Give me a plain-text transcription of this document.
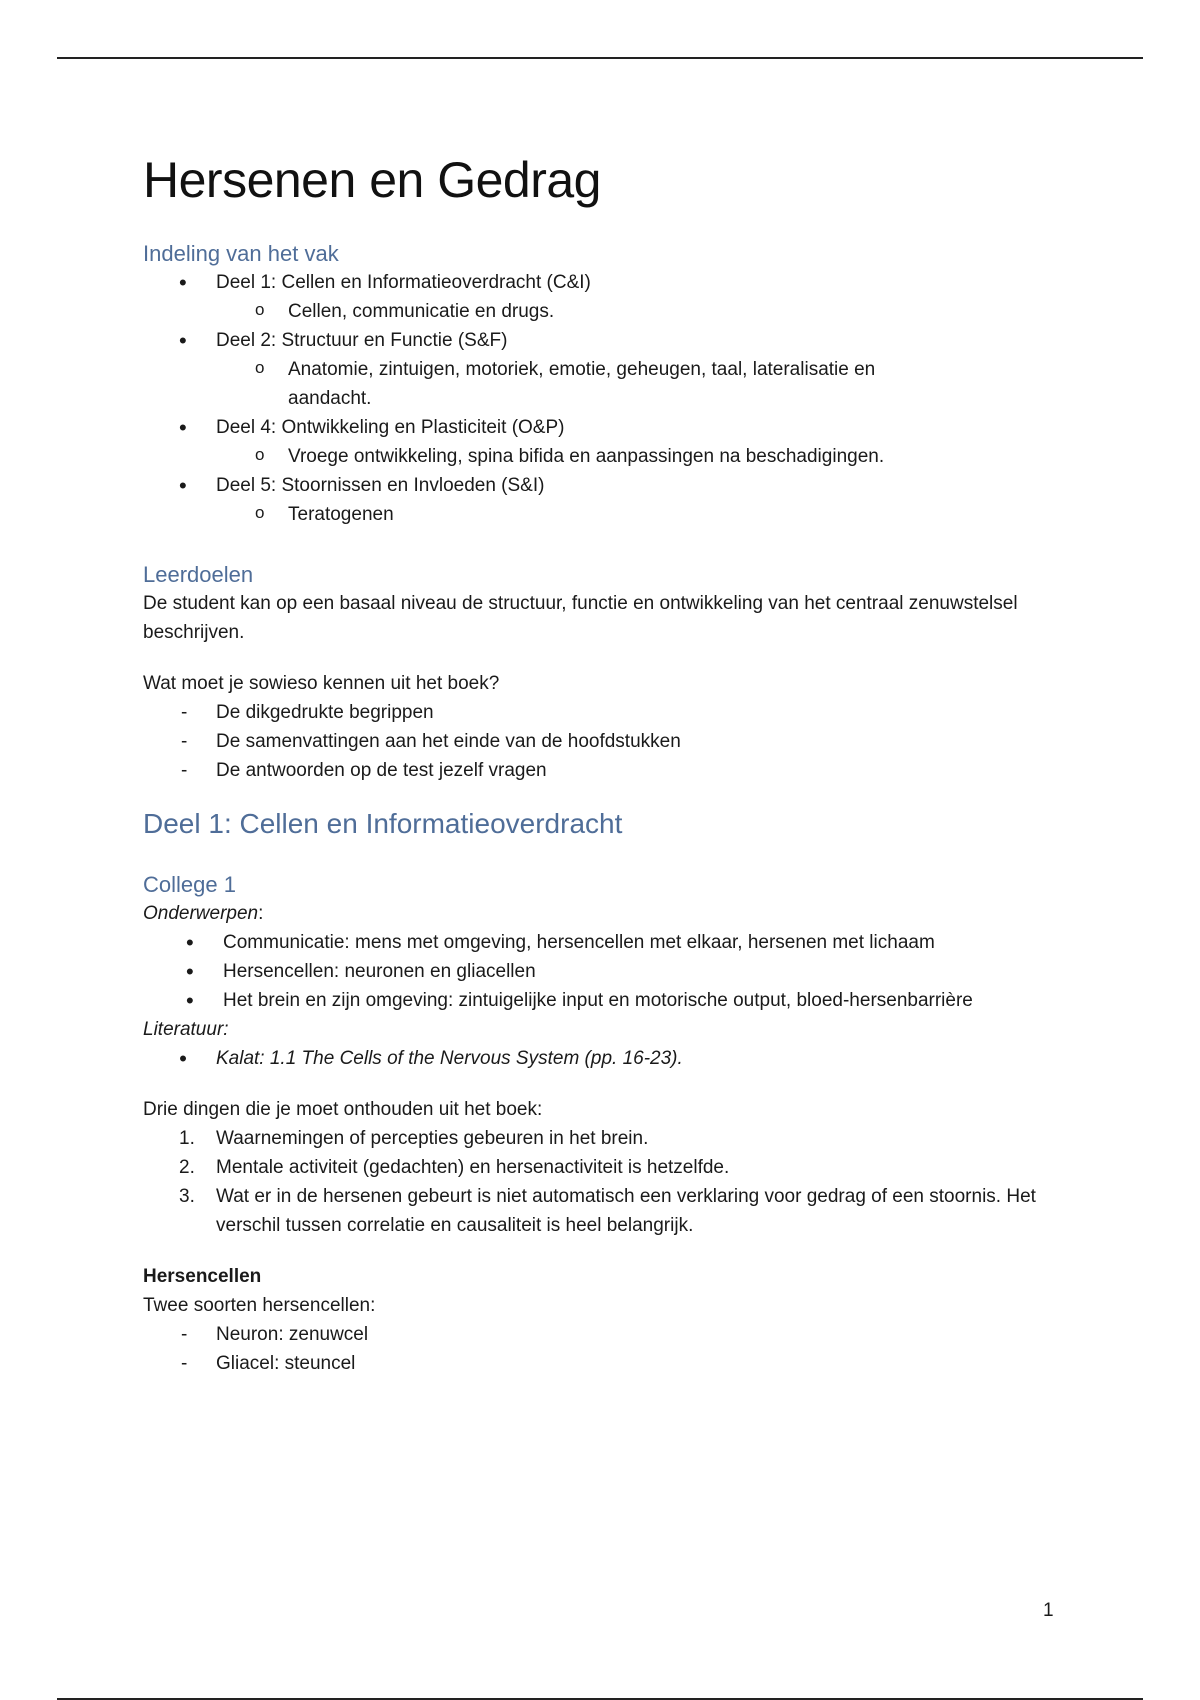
Hersenen en Gedrag
Indeling van het vak
• Deel 1: Cellen en Informatieoverdracht (C&I)
o Cellen, communicatie en drugs.
• Deel 2: Structuur en Functie (S&F)
o Anatomie, zintuigen, motoriek, emotie, geheugen, taal, lateralisatie en aandacht.
• Deel 4: Ontwikkeling en Plasticiteit (O&P)
o Vroege ontwikkeling, spina bifida en aanpassingen na beschadigingen.
• Deel 5: Stoornissen en Invloeden (S&I)
o Teratogenen
Leerdoelen

De student kan op een basaal niveau de structuur, functie en ontwikkeling van het centraal zenuwstelsel beschrijven.

Wat moet je sowieso kennen uit het boek?

- De dikgedrukte begrippen
- De samenvattingen aan het einde van de hoofdstukken
- De antwoorden op de test jezelf vragen
Deel 1: Cellen en Informatieoverdracht
College 1

Onderwerpen:

• Communicatie: mens met omgeving, hersencellen met elkaar, hersenen met lichaam
• Hersencellen: neuronen en gliacellen
• Het brein en zijn omgeving: zintuigelijke input en motorische output, bloed-hersenbarrière

Literatuur:

• Kalat: 1.1 The Cells of the Nervous System (pp. 16-23).

Drie dingen die je moet onthouden uit het boek:

1. Waarnemingen of percepties gebeuren in het brein.
2. Mentale activiteit (gedachten) en hersenactiviteit is hetzelfde.
3. Wat er in de hersenen gebeurt is niet automatisch een verklaring voor gedrag of een stoornis. Het verschil tussen correlatie en causaliteit is heel belangrijk.

Hersencellen

Twee soorten hersencellen:

- Neuron: zenuwcel
- Gliacel: steuncel
1
